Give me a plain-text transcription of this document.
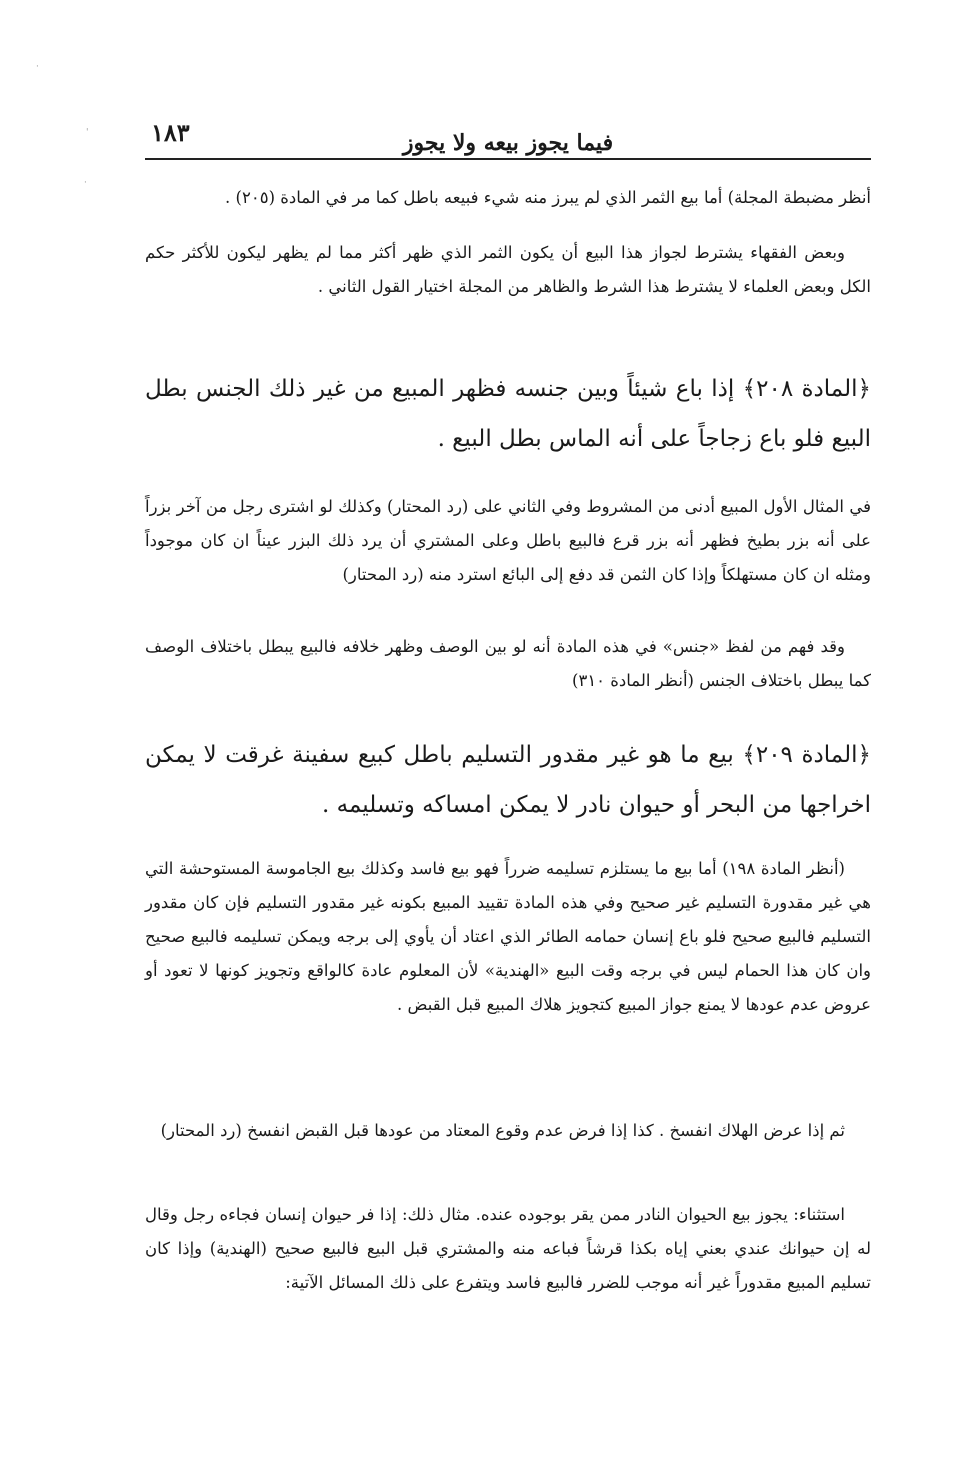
·
'
·
١٨٣	فيما يجوز بيعه ولا يجوز

أنظر مضبطة المجلة) أما بيع الثمر الذي لم يبرز منه شيء فبيعه باطل كما مر في المادة (٢٠٥) .

وبعض الفقهاء يشترط لجواز هذا البيع أن يكون الثمر الذي ظهر أكثر مما لم يظهر ليكون للأكثر حكم الكل وبعض العلماء لا يشترط هذا الشرط والظاهر من المجلة اختيار القول الثاني .

﴿المادة ٢٠٨﴾ إذا باع شيئاً وبين جنسه فظهر المبيع من غير ذلك الجنس بطل البيع فلو باع زجاجاً على أنه الماس بطل البيع .

في المثال الأول المبيع أدنى من المشروط وفي الثاني على (رد المحتار) وكذلك لو اشترى رجل من آخر بزراً على أنه بزر بطيخ فظهر أنه بزر قرع فالبيع باطل وعلى المشتري أن يرد ذلك البزر عيناً ان كان موجوداً ومثله ان كان مستهلكاً وإذا كان الثمن قد دفع إلى البائع استرد منه (رد المحتار)

وقد فهم من لفظ «جنس» في هذه المادة أنه لو بين الوصف وظهر خلافه فالبيع يبطل باختلاف الوصف كما يبطل باختلاف الجنس (أنظر المادة ٣١٠)

﴿المادة ٢٠٩﴾ بيع ما هو غير مقدور التسليم باطل كبيع سفينة غرقت لا يمكن اخراجها من البحر أو حيوان نادر لا يمكن امساكه وتسليمه .

(أنظر المادة ١٩٨) أما بيع ما يستلزم تسليمه ضرراً فهو بيع فاسد وكذلك بيع الجاموسة المستوحشة التي هي غير مقدورة التسليم غير صحيح وفي هذه المادة تقييد المبيع بكونه غير مقدور التسليم فإن كان مقدور التسليم فالبيع صحيح فلو باع إنسان حمامه الطائر الذي اعتاد أن يأوي إلى برجه ويمكن تسليمه فالبيع صحيح وان كان هذا الحمام ليس في برجه وقت البيع «الهندية» لأن المعلوم عادة كالواقع وتجويز كونها لا تعود أو عروض عدم عودها لا يمنع جواز المبيع كتجويز هلاك المبيع قبل القبض .

ثم إذا عرض الهلاك انفسخ . كذا إذا فرض عدم وقوع المعتاد من عودها قبل القبض انفسخ (رد المحتار)

استثناء: يجوز بيع الحيوان النادر ممن يقر بوجوده عنده. مثال ذلك: إذا فر حيوان إنسان فجاءه رجل وقال له إن حيوانك عندي بعني إياه بكذا قرشاً فباعه منه والمشتري قبل البيع فالبيع صحيح (الهندية) وإذا كان تسليم المبيع مقدوراً غير أنه موجب للضرر فالبيع فاسد ويتفرع على ذلك المسائل الآتية:
